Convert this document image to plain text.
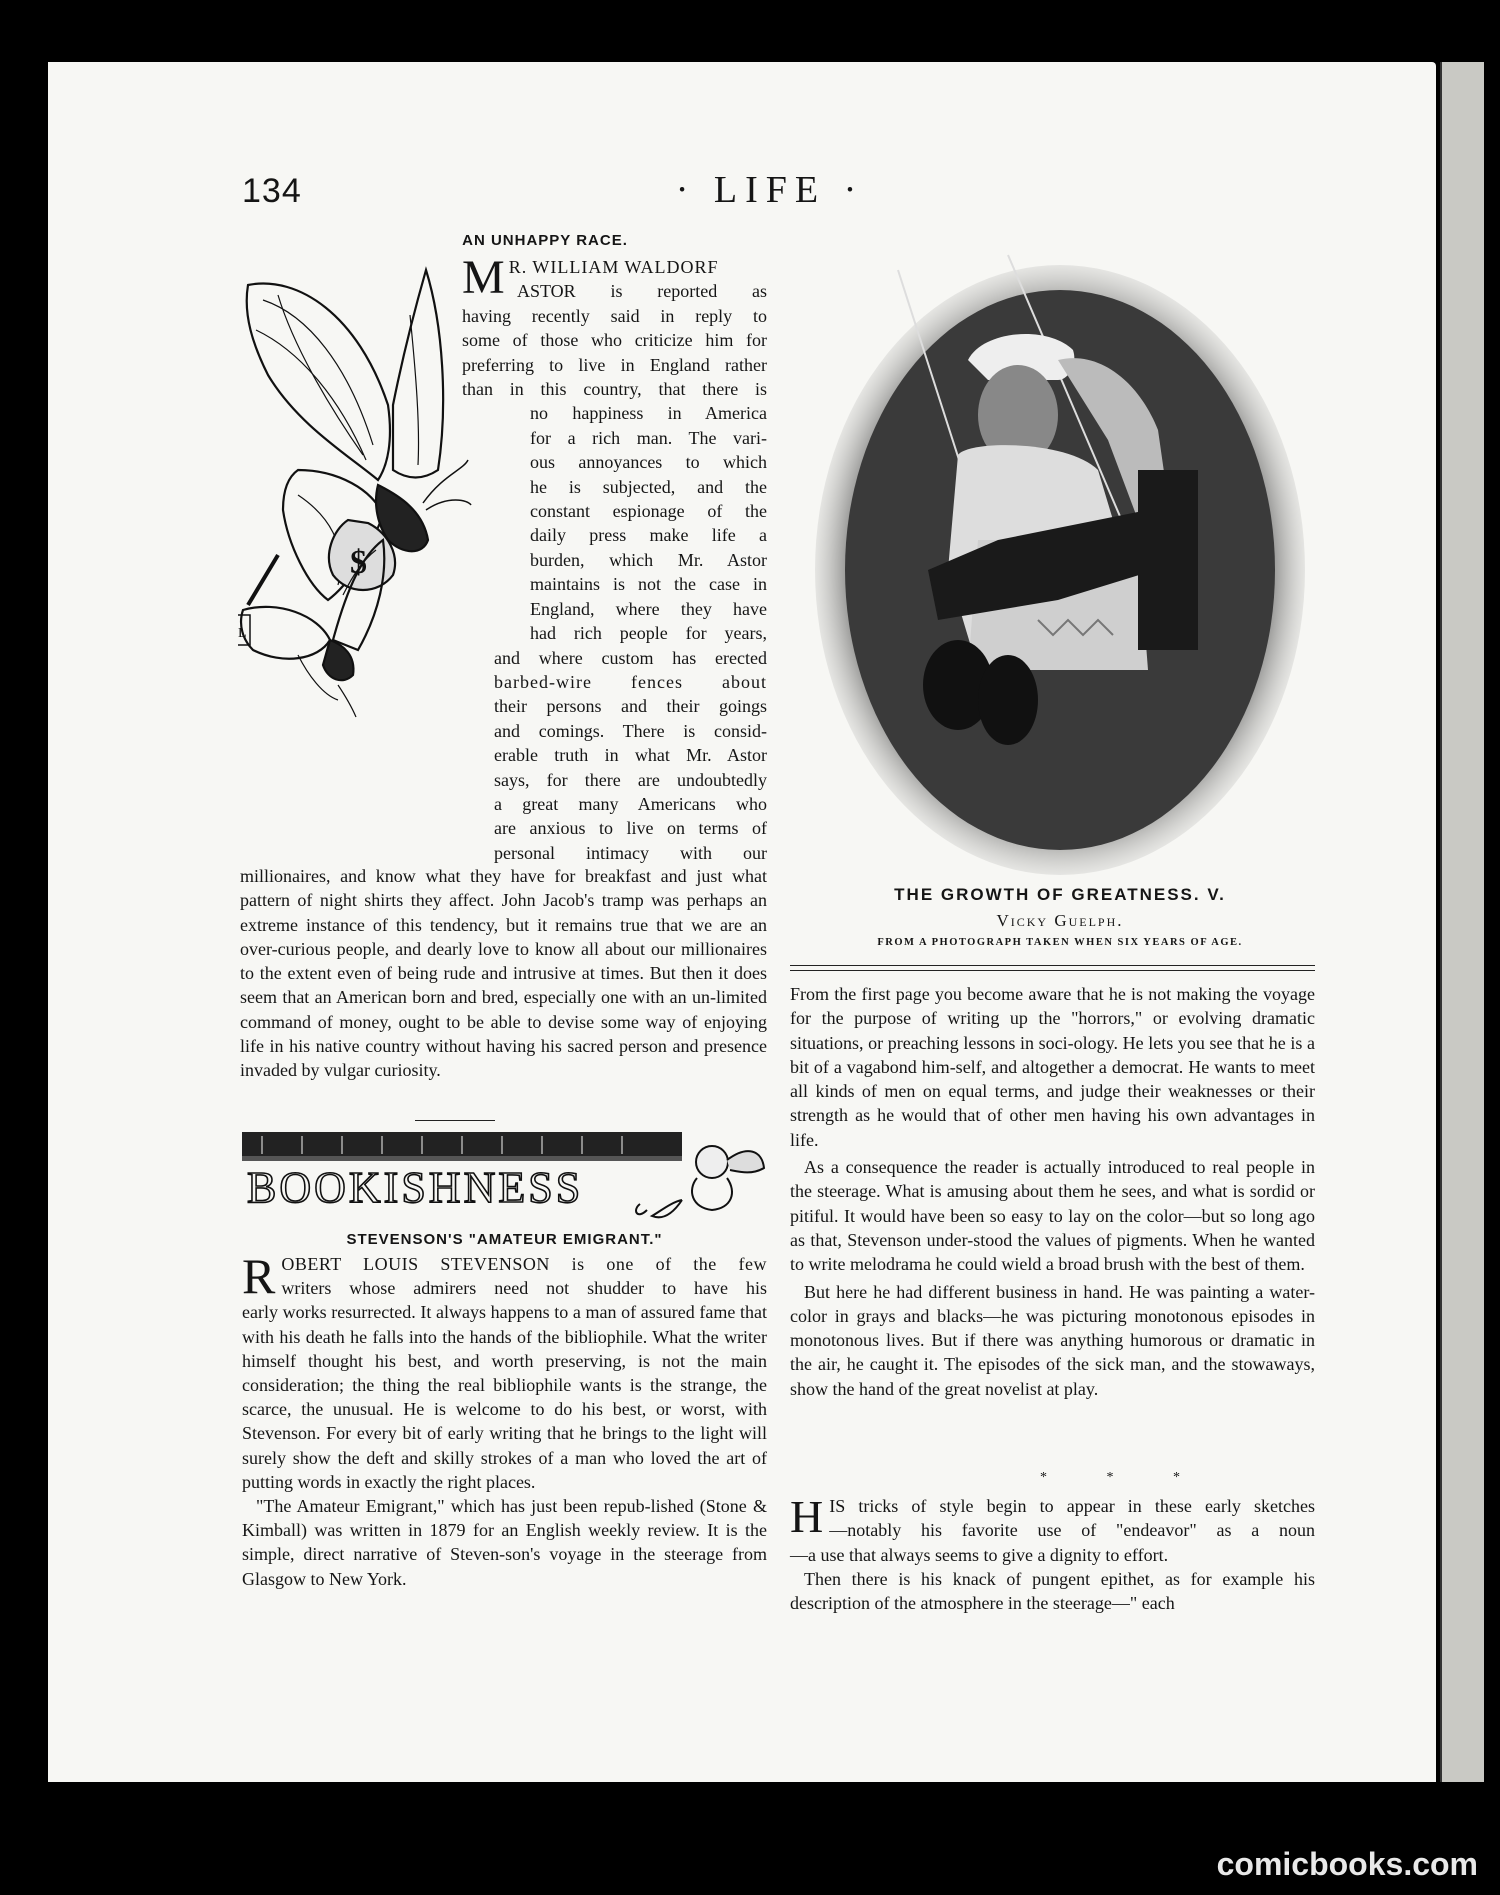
134	· LIFE ·
AN UNHAPPY RACE.
$
L
M R. WILLIAM WALDORF
ASTOR is reported as
having recently said in reply to
some of those who criticize him for
preferring to live in England rather
than in this country, that there is
no happiness in America
for a rich man. The vari-
ous annoyances to which
he is subjected, and the
constant espionage of the
daily press make life a
burden, which Mr. Astor
maintains is not the case in
England, where they have
had rich people for years,
and where custom has erected
barbed-wire fences about
their persons and their goings
and comings. There is consid-
erable truth in what Mr. Astor
says, for there are undoubtedly
a great many Americans who
are anxious to live on terms of
personal intimacy with our

millionaires, and know what they have for breakfast and just what pattern of night shirts they affect. John Jacob's tramp was perhaps an extreme instance of this tendency, but it remains true that we are an over-curious people, and dearly love to know all about our millionaires to the extent even of being rude and intrusive at times. But then it does seem that an American born and bred, especially one with an un-limited command of money, ought to be able to devise some way of enjoying life in his native country without having his sacred person and presence invaded by vulgar curiosity.

BOOKISHNESS
STEVENSON'S "AMATEUR EMIGRANT."
R OBERT LOUIS STEVENSON is one of the few
writers whose admirers need not shudder to have his

early works resurrected. It always happens to a man of assured fame that with his death he falls into the hands of the bibliophile. What the writer himself thought his best, and worth preserving, is not the main consideration; the thing the real bibliophile wants is the strange, the scarce, the unusual. He is welcome to do his best, or worst, with Stevenson. For every bit of early writing that he brings to the light will surely show the deft and skilly strokes of a man who loved the art of putting words in exactly the right places.

"The Amateur Emigrant," which has just been repub-lished (Stone & Kimball) was written in 1879 for an English weekly review. It is the simple, direct narrative of Steven-son's voyage in the steerage from Glasgow to New York.

THE GROWTH OF GREATNESS. V.
Vicky Guelph.
FROM A PHOTOGRAPH TAKEN WHEN SIX YEARS OF AGE.

From the first page you become aware that he is not making the voyage for the purpose of writing up the "horrors," or evolving dramatic situations, or preaching lessons in soci-ology. He lets you see that he is a bit of a vagabond him-self, and altogether a democrat. He wants to meet all kinds of men on equal terms, and judge their weaknesses or their strength as he would that of other men having his own advantages in life.

As a consequence the reader is actually introduced to real people in the steerage. What is amusing about them he sees, and what is sordid or pitiful. It would have been so easy to lay on the color—but so long ago as that, Stevenson under-stood the values of pigments. When he wanted to write melodrama he could wield a broad brush with the best of them.

But here he had different business in hand. He was painting a water-color in grays and blacks—he was picturing monotonous episodes in monotonous lives. But if there was anything humorous or dramatic in the air, he caught it. The episodes of the sick man, and the stowaways, show the hand of the great novelist at play.

* * *
H IS tricks of style begin to appear in these early sketches
—notably his favorite use of "endeavor" as a noun

—a use that always seems to give a dignity to effort.

Then there is his knack of pungent epithet, as for example his description of the atmosphere in the steerage—" each

comicbooks.com
